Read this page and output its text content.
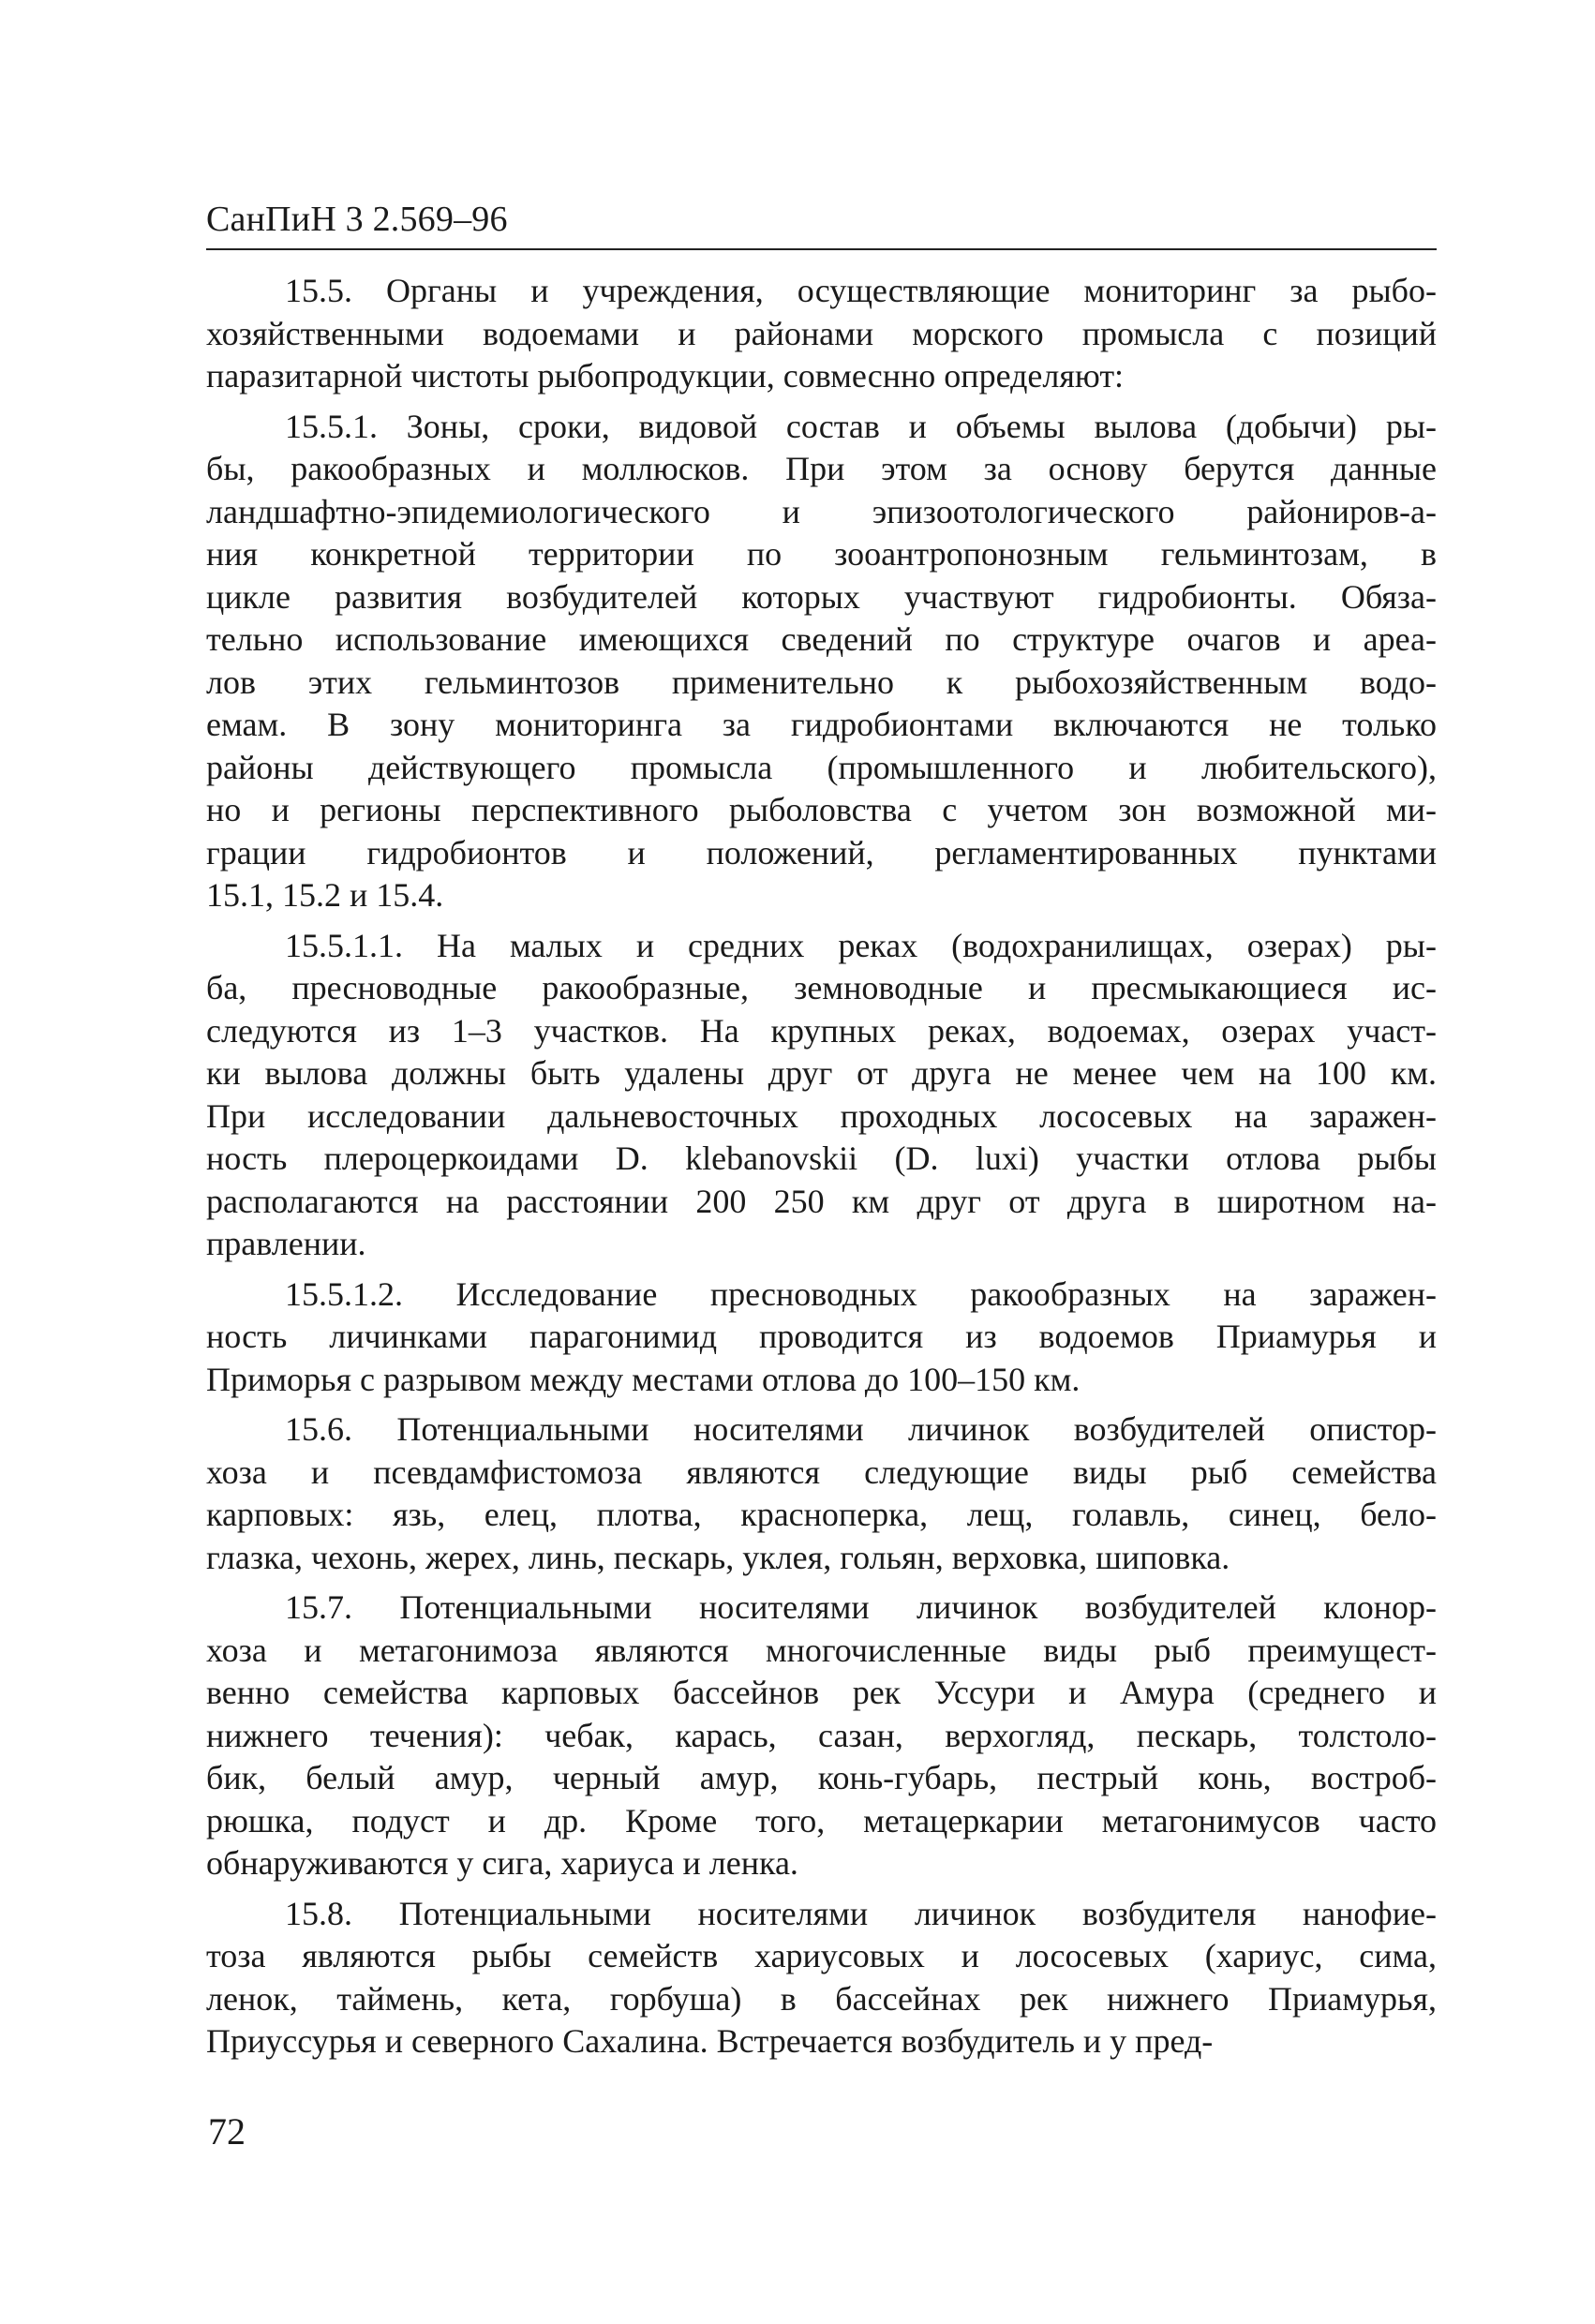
СанПиН 3 2.569–96

15.5. Органы и учреждения, осуществляющие мониторинг за рыбо-
хозяйственными водоемами и районами морского промысла с позиций
паразитарной чистоты рыбопродукции, совмеснно определяют:

15.5.1. Зоны, сроки, видовой состав и объемы вылова (добычи) ры-
бы, ракообразных и моллюсков. При этом за основу берутся данные
ландшафтно-эпидемиологического и эпизоотологического райониров-а-
ния конкретной территории по зооантропонозным гельминтозам, в
цикле развития возбудителей которых участвуют гидробионты. Обяза-
тельно использование имеющихся сведений по структуре очагов и ареа-
лов этих гельминтозов применительно к рыбохозяйственным водо-
емам. В зону мониторинга за гидробионтами включаются не только
районы действующего промысла (промышленного и любительского),
но и регионы перспективного рыболовства с учетом зон возможной ми-
грации гидробионтов и положений, регламентированных пунктами
15.1, 15.2 и 15.4.

15.5.1.1. На малых и средних реках (водохранилищах, озерах) ры-
ба, пресноводные ракообразные, земноводные и пресмыкающиеся ис-
следуются из 1–3 участков. На крупных реках, водоемах, озерах участ-
ки вылова должны быть удалены друг от друга не менее чем на 100 км.
При исследовании дальневосточных проходных лососевых на заражен-
ность плероцеркоидами D. klebanovskii (D. luxi) участки отлова рыбы
располагаются на расстоянии 200 250 км друг от друга в широтном на-
правлении.

15.5.1.2. Исследование пресноводных ракообразных на заражен-
ность личинками парагонимид проводится из водоемов Приамурья и
Приморья с разрывом между местами отлова до 100–150 км.

15.6. Потенциальными носителями личинок возбудителей опистор-
хоза и псевдамфистомоза являются следующие виды рыб семейства
карповых: язь, елец, плотва, красноперка, лещ, голавль, синец, бело-
глазка, чехонь, жерех, линь, пескарь, уклея, гольян, верховка, шиповка.

15.7. Потенциальными носителями личинок возбудителей клонор-
хоза и метагонимоза являются многочисленные виды рыб преимущест-
венно семейства карповых бассейнов рек Уссури и Амура (среднего и
нижнего течения): чебак, карась, сазан, верхогляд, пескарь, толстоло-
бик, белый амур, черный амур, конь-губарь, пестрый конь, востроб-
рюшка, подуст и др. Кроме того, метацеркарии метагонимусов часто
обнаруживаются у сига, хариуса и ленка.

15.8. Потенциальными носителями личинок возбудителя нанофие-
тоза являются рыбы семейств хариусовых и лососевых (хариус, сима,
ленок, таймень, кета, горбуша) в бассейнах рек нижнего Приамурья,
Приуссурья и северного Сахалина. Встречается возбудитель и у пред-

72
